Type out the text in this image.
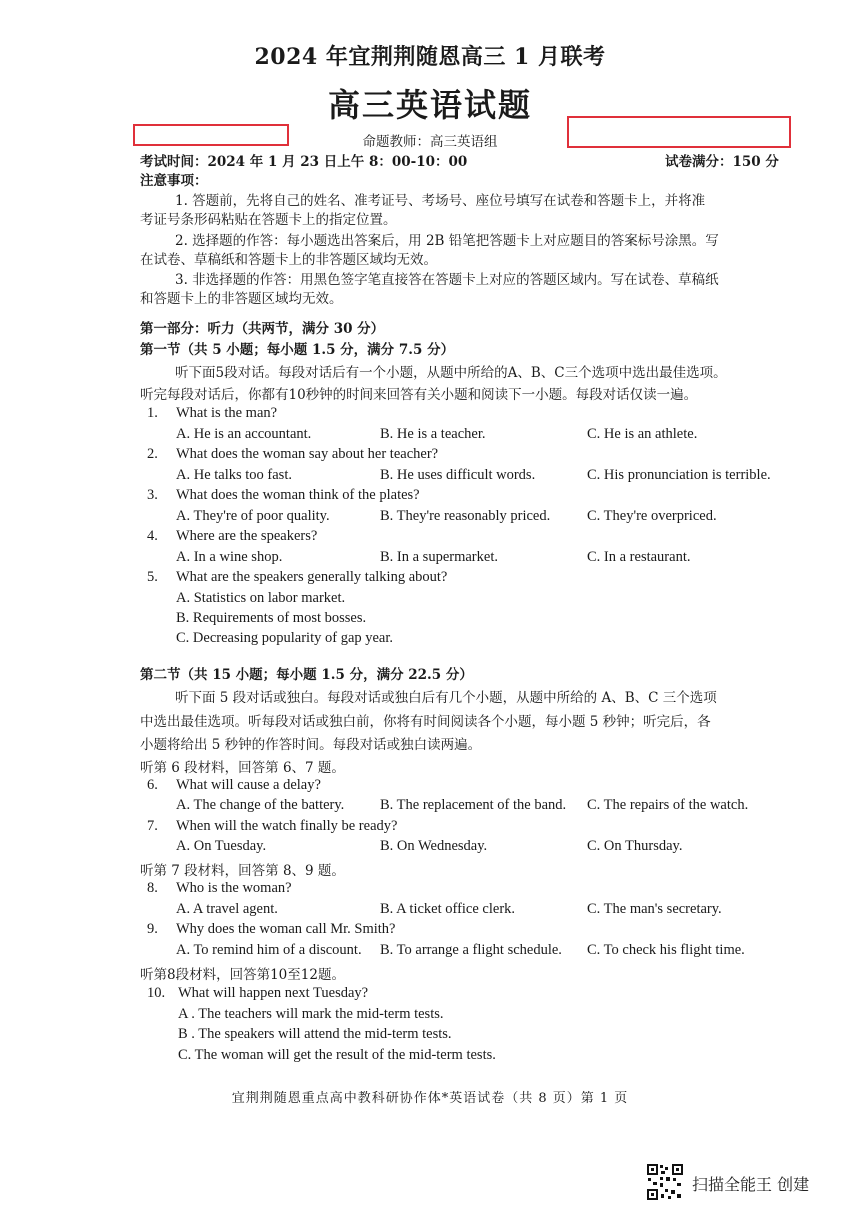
2024 年宜荆荆随恩高三 1 月联考
高三英语试题
命题教师：高三英语组
考试时间：2024 年 1 月 23 日上午 8：00-10：00	试卷满分：150 分
注意事项：
1. 答题前，先将自己的姓名、准考证号、考场号、座位号填写在试卷和答题卡上，并将准
考证号条形码粘贴在答题卡上的指定位置。
2. 选择题的作答：每小题选出答案后，用 2B 铅笔把答题卡上对应题目的答案标号涂黑。写
在试卷、草稿纸和答题卡上的非答题区域均无效。
3. 非选择题的作答：用黑色签字笔直接答在答题卡上对应的答题区域内。写在试卷、草稿纸
和答题卡上的非答题区域均无效。
第一部分：听力（共两节，满分 30 分）
第一节（共 5 小题；每小题 1.5 分，满分 7.5 分）
听下面5段对话。每段对话后有一个小题，从题中所给的A、B、C三个选项中选出最佳选项。
听完每段对话后，你都有10秒钟的时间来回答有关小题和阅读下一小题。每段对话仅读一遍。
1. What is the man?
A. He is an accountant.	B. He is a teacher.	C. He is an athlete.
2. What does the woman say about her teacher?
A. He talks too fast.	B. He uses difficult words.	C. His pronunciation is terrible.
3. What does the woman think of the plates?
A. They're of poor quality.	B. They're reasonably priced.	C. They're overpriced.
4. Where are the speakers?
A. In a wine shop.	B. In a supermarket.	C. In a restaurant.
5. What are the speakers generally talking about?
A. Statistics on labor market.
B. Requirements of most bosses.
C. Decreasing popularity of gap year.
第二节（共 15 小题；每小题 1.5 分，满分 22.5 分）
听下面 5 段对话或独白。每段对话或独白后有几个小题，从题中所给的 A、B、C 三个选项
中选出最佳选项。听每段对话或独白前，你将有时间阅读各个小题，每小题 5 秒钟；听完后，各
小题将给出 5 秒钟的作答时间。每段对话或独白读两遍。
听第 6 段材料，回答第 6、7 题。
6. What will cause a delay?
A. The change of the battery. B. The replacement of the band. C. The repairs of the watch.
7. When will the watch finally be ready?
A. On Tuesday.	B. On Wednesday.	C. On Thursday.
听第 7 段材料，回答第 8、9 题。
8. Who is the woman?
A. A travel agent.	B. A ticket office clerk.	C. The man's secretary.
9. Why does the woman call Mr. Smith?
A. To remind him of a discount. B. To arrange a flight schedule. C. To check his flight time.
听第8段材料，回答第10至12题。
10. What will happen next Tuesday?
A . The teachers will mark the mid-term tests.
B . The speakers will attend the mid-term tests.
C. The woman will get the result of the mid-term tests.
宜荆荆随恩重点高中教科研协作体*英语试卷（共 8 页）第 1 页
扫描全能王 创建
